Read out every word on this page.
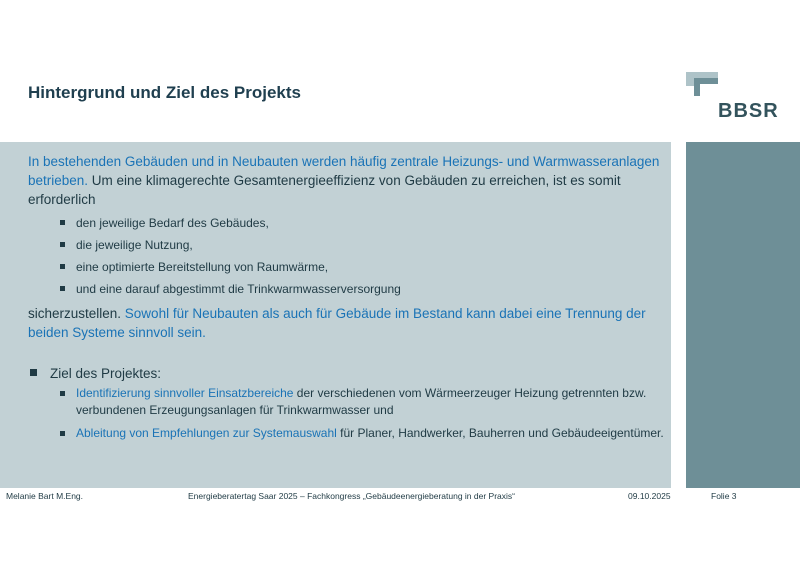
Hintergrund und Ziel des Projekts
BBSR

In bestehenden Gebäuden und in Neubauten werden häufig zentrale Heizungs- und Warmwasseranlagen betrieben. Um eine klimagerechte Gesamtenergieeffizienz von Gebäuden zu erreichen, ist es somit erforderlich

den jeweilige Bedarf des Gebäudes,
die jeweilige Nutzung,
eine optimierte Bereitstellung von Raumwärme,
und eine darauf abgestimmt die Trinkwarmwasserversorgung

sicherzustellen. Sowohl für Neubauten als auch für Gebäude im Bestand kann dabei eine Trennung der beiden Systeme sinnvoll sein.

Ziel des Projektes:
Identifizierung sinnvoller Einsatzbereiche der verschiedenen vom Wärmeerzeuger Heizung getrennten bzw. verbundenen Erzeugungsanlagen für Trinkwarmwasser und
Ableitung von Empfehlungen zur Systemauswahl für Planer, Handwerker, Bauherren und Gebäudeeigentümer.
Melanie Bart M.Eng.	Energieberatertag Saar 2025 – Fachkongress „Gebäudeenergieberatung in der Praxis“	09.10.2025	Folie 3
